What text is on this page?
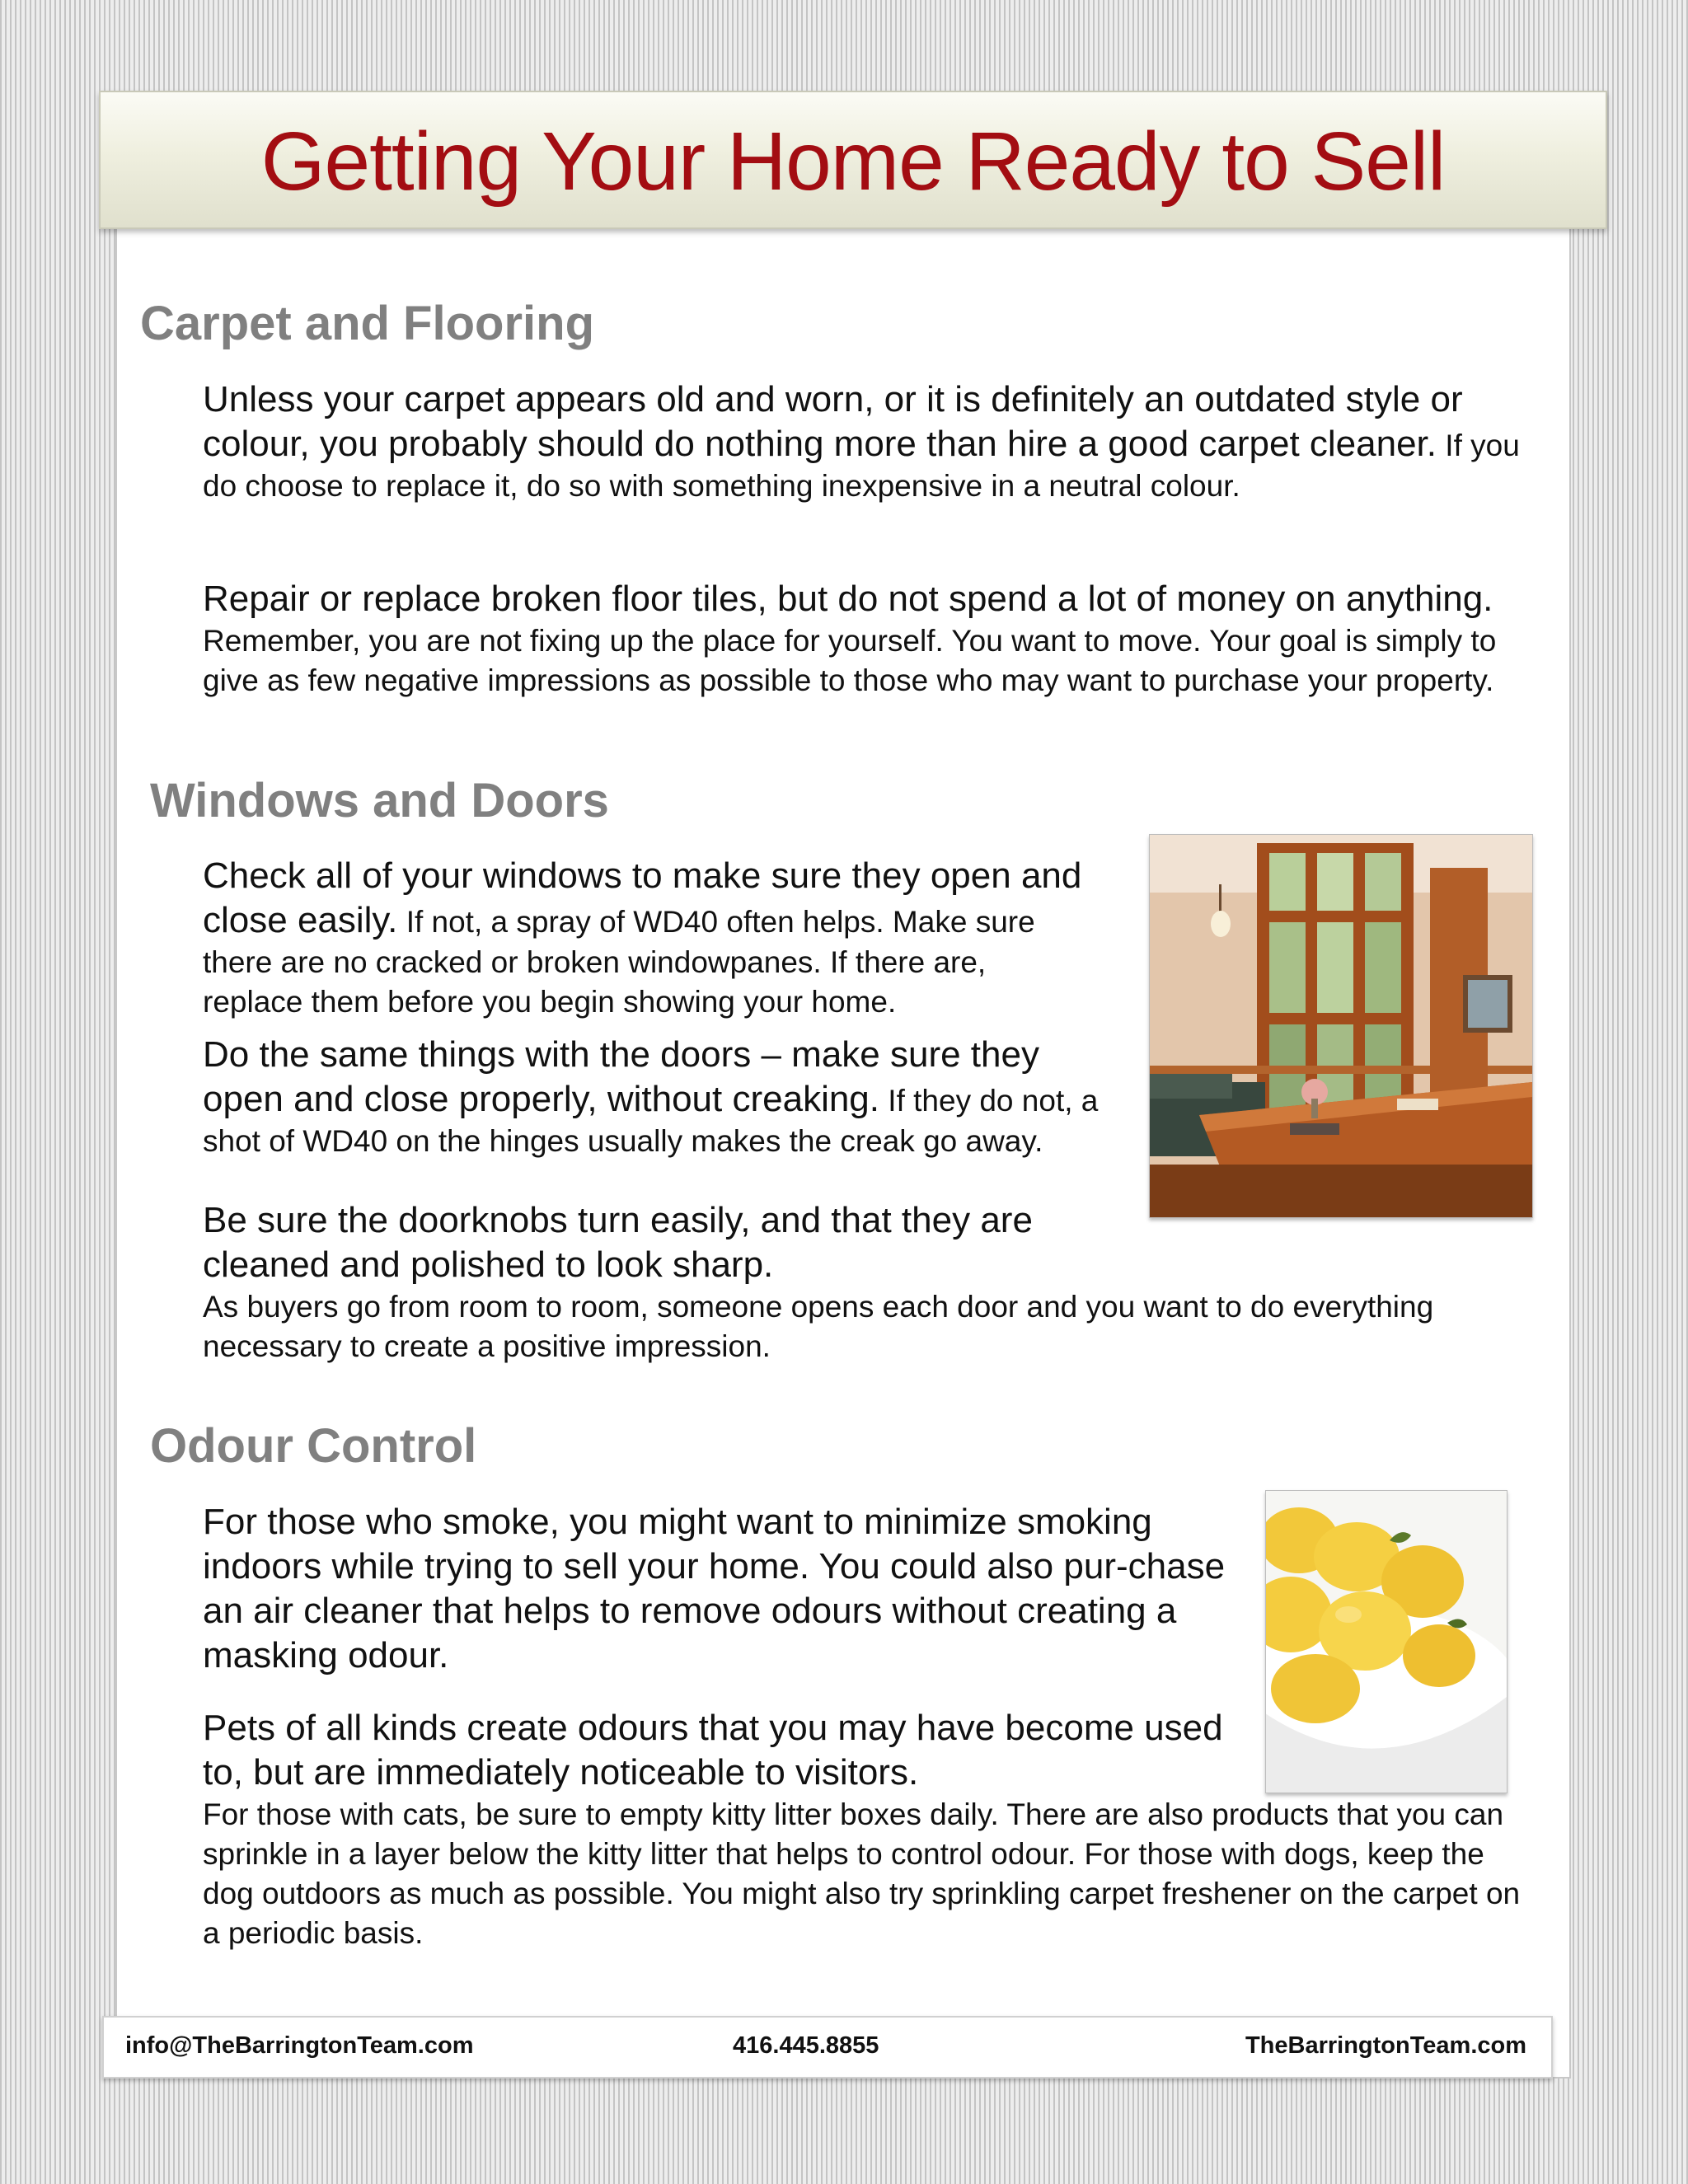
Getting Your Home Ready to Sell
Carpet and Flooring

Unless your carpet appears old and worn, or it is definitely an outdated style or colour, you probably should do nothing more than hire a good carpet cleaner. If you do choose to replace it, do so with something inexpensive in a neutral colour.

Repair or replace broken floor tiles, but do not spend a lot of money on anything. Remember, you are not fixing up the place for yourself. You want to move. Your goal is simply to give as few negative impressions as possible to those who may want to purchase your property.

Windows and Doors

Check all of your windows to make sure they open and close easily. If not, a spray of WD40 often helps. Make sure there are no cracked or broken windowpanes. If there are, replace them before you begin showing your home.

Do the same things with the doors – make sure they open and close properly, without creaking. If they do not, a shot of WD40 on the hinges usually makes the creak go away.

Be sure the doorknobs turn easily, and that they are cleaned and polished to look sharp.
As buyers go from room to room, someone opens each door and you want to do everything necessary to create a positive impression.

Odour Control

For those who smoke, you might want to minimize smoking indoors while trying to sell your home. You could also pur-chase an air cleaner that helps to remove odours without creating a masking odour.

Pets of all kinds create odours that you may have become used to, but are immediately noticeable to visitors.
For those with cats, be sure to empty kitty litter boxes daily. There are also products that you can sprinkle in a layer below the kitty litter that helps to control odour. For those with dogs, keep the dog outdoors as much as possible. You might also try sprinkling carpet freshener on the carpet on a periodic basis.

info@TheBarringtonTeam.com	416.445.8855	TheBarringtonTeam.com
